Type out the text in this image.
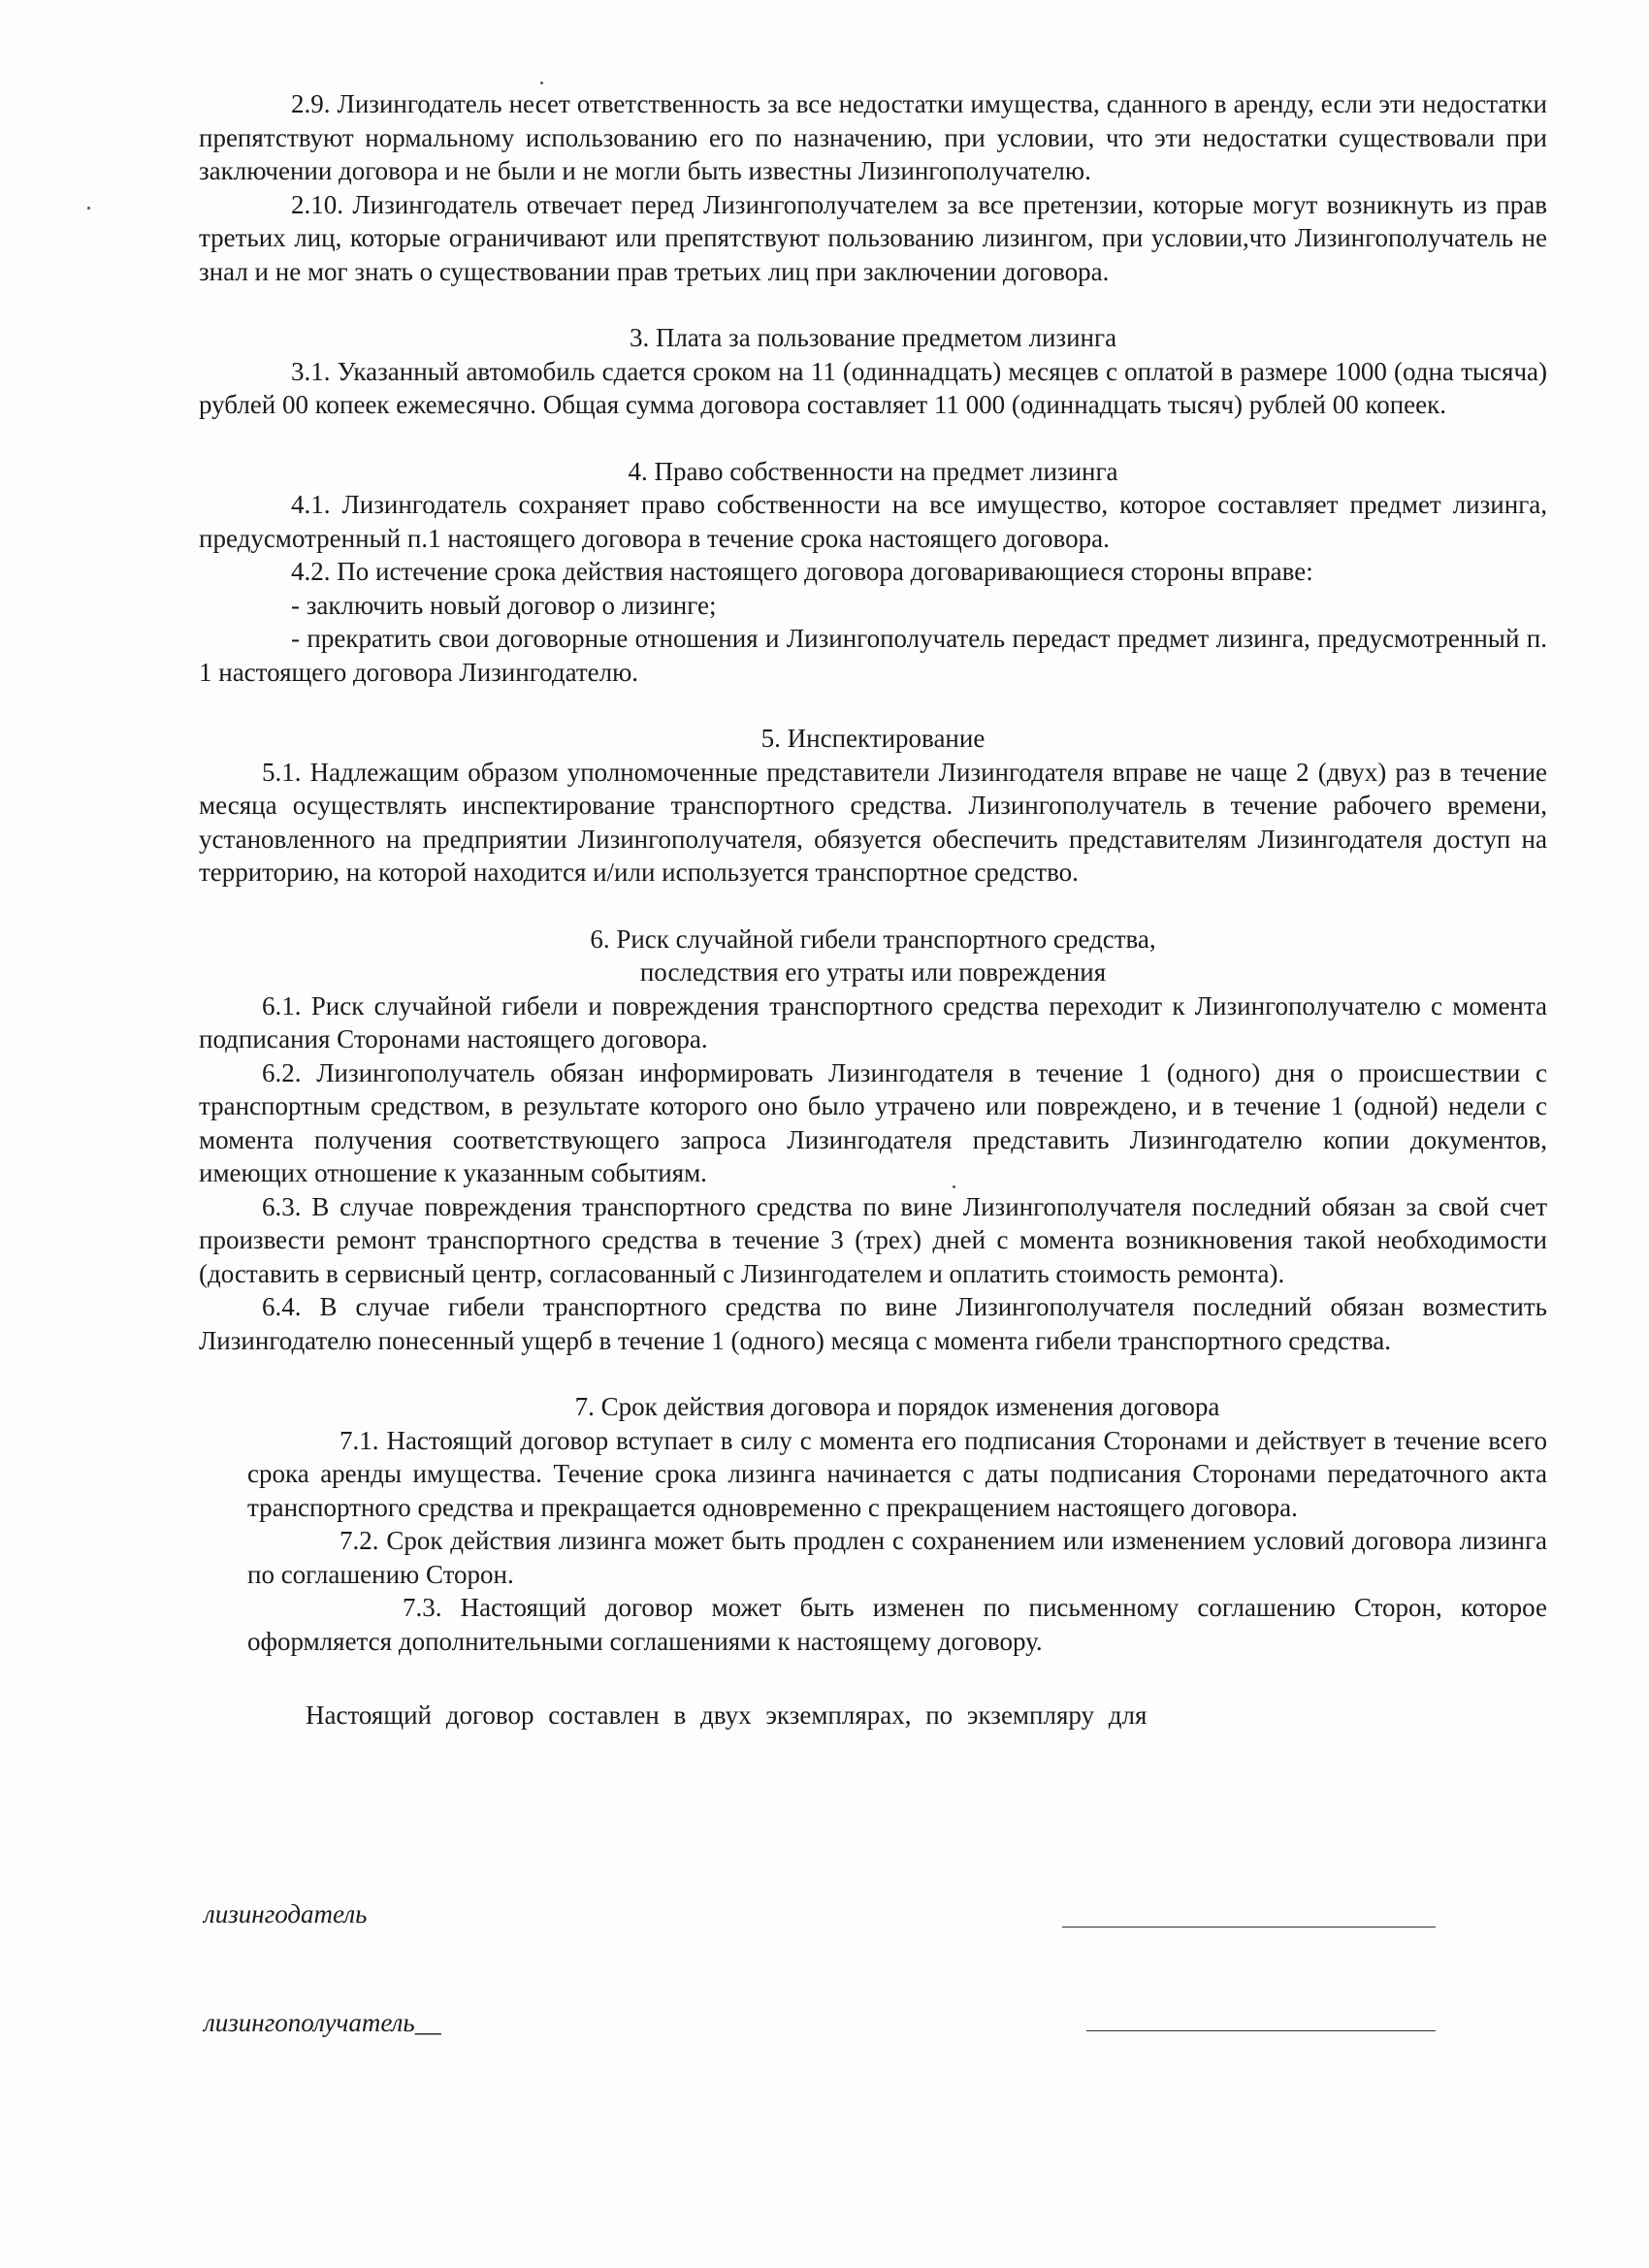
2.9. Лизингодатель несет ответственность за все недостатки имущества, сданного в аренду, если эти недостатки препятствуют нормальному использованию его по назначению, при условии, что эти недостатки существовали при заключении договора и не были и не могли быть известны Лизингополучателю.

2.10. Лизингодатель отвечает перед Лизингополучателем за все претензии, которые могут возникнуть из прав третьих лиц, которые ограничивают или препятствуют пользованию лизингом, при условии,что Лизингополучатель не знал и не мог знать о существовании прав третьих лиц при заключении договора.

3. Плата за пользование предметом лизинга

3.1. Указанный автомобиль сдается сроком на 11 (одиннадцать) месяцев с оплатой в размере 1000 (одна тысяча) рублей 00 копеек ежемесячно. Общая сумма договора составляет 11 000 (одиннадцать тысяч) рублей 00 копеек.

4. Право собственности на предмет лизинга

4.1. Лизингодатель сохраняет право собственности на все имущество, которое составляет предмет лизинга, предусмотренный п.1 настоящего договора в течение срока настоящего договора.

4.2. По истечение срока действия настоящего договора договаривающиеся стороны вправе:

- заключить новый договор о лизинге;

- прекратить свои договорные отношения и Лизингополучатель передаст предмет лизинга, предусмотренный п. 1 настоящего договора Лизингодателю.

5. Инспектирование

5.1. Надлежащим образом уполномоченные представители Лизингодателя вправе не чаще 2 (двух) раз в течение месяца осуществлять инспектирование транспортного средства. Лизингополучатель в течение рабочего времени, установленного на предприятии Лизингополучателя, обязуется обеспечить представителям Лизингодателя доступ на территорию, на которой находится и/или используется транспортное средство.

6. Риск случайной гибели транспортного средства,

последствия его утраты или повреждения

6.1. Риск случайной гибели и повреждения транспортного средства переходит к Лизингополучателю с момента подписания Сторонами настоящего договора.

6.2. Лизингополучатель обязан информировать Лизингодателя в течение 1 (одного) дня о происшествии с транспортным средством, в результате которого оно было утрачено или повреждено, и в течение 1 (одной) недели с момента получения соответствующего запроса Лизингодателя представить Лизингодателю копии документов, имеющих отношение к указанным событиям.

6.3. В случае повреждения транспортного средства по вине Лизингополучателя последний обязан за свой счет произвести ремонт транспортного средства в течение 3 (трех) дней с момента возникновения такой необходимости (доставить в сервисный центр, согласованный с Лизингодателем и оплатить стоимость ремонта).

6.4. В случае гибели транспортного средства по вине Лизингополучателя последний обязан возместить Лизингодателю понесенный ущерб в течение 1 (одного) месяца с момента гибели транспортного средства.

7. Срок действия договора и порядок изменения договора

7.1. Настоящий договор вступает в силу с момента его подписания Сторонами и действует в течение всего срока аренды имущества. Течение срока лизинга начинается с даты подписания Сторонами передаточного акта транспортного средства и прекращается одновременно с прекращением настоящего договора.

7.2. Срок действия лизинга может быть продлен с сохранением или изменением условий договора лизинга по соглашению Сторон.

7.3. Настоящий договор может быть изменен по письменному соглашению Сторон, которое оформляется дополнительными соглашениями к настоящему договору.

Настоящий договор составлен в двух экземплярах, по экземпляру для

лизингодатель
лизингополучатель__
